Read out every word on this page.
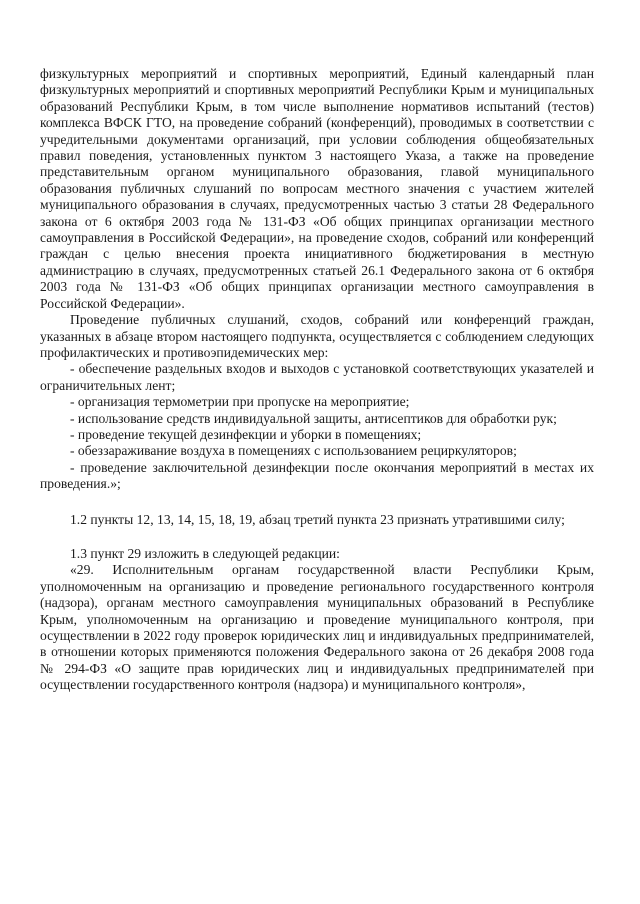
физкультурных мероприятий и спортивных мероприятий, Единый календарный план физкультурных мероприятий и спортивных мероприятий Республики Крым и муниципальных образований Республики Крым, в том числе выполнение нормативов испытаний (тестов) комплекса ВФСК ГТО, на проведение собраний (конференций), проводимых в соответствии с учредительными документами организаций, при условии соблюдения общеобязательных правил поведения, установленных пунктом 3 настоящего Указа, а также на проведение представительным органом муниципального образования, главой муниципального образования публичных слушаний по вопросам местного значения с участием жителей муниципального образования в случаях, предусмотренных частью 3 статьи 28 Федерального закона от 6 октября 2003 года № 131-ФЗ «Об общих принципах организации местного самоуправления в Российской Федерации», на проведение сходов, собраний или конференций граждан с целью внесения проекта инициативного бюджетирования в местную администрацию в случаях, предусмотренных статьей 26.1 Федерального закона от 6 октября 2003 года № 131-ФЗ «Об общих принципах организации местного самоуправления в Российской Федерации».

Проведение публичных слушаний, сходов, собраний или конференций граждан, указанных в абзаце втором настоящего подпункта, осуществляется с соблюдением следующих профилактических и противоэпидемических мер:

- обеспечение раздельных входов и выходов с установкой соответствующих указателей и ограничительных лент;

- организация термометрии при пропуске на мероприятие;

- использование средств индивидуальной защиты, антисептиков для обработки рук;

- проведение текущей дезинфекции и уборки в помещениях;

- обеззараживание воздуха в помещениях с использованием рециркуляторов;

- проведение заключительной дезинфекции после окончания мероприятий в местах их проведения.»;

1.2 пункты 12, 13, 14, 15, 18, 19, абзац третий пункта 23 признать утратившими силу;

1.3 пункт 29 изложить в следующей редакции:

«29. Исполнительным органам государственной власти Республики Крым, уполномоченным на организацию и проведение регионального государственного контроля (надзора), органам местного самоуправления муниципальных образований в Республике Крым, уполномоченным на организацию и проведение муниципального контроля, при осуществлении в 2022 году проверок юридических лиц и индивидуальных предпринимателей, в отношении которых применяются положения Федерального закона от 26 декабря 2008 года № 294-ФЗ «О защите прав юридических лиц и индивидуальных предпринимателей при осуществлении государственного контроля (надзора) и муниципального контроля»,
